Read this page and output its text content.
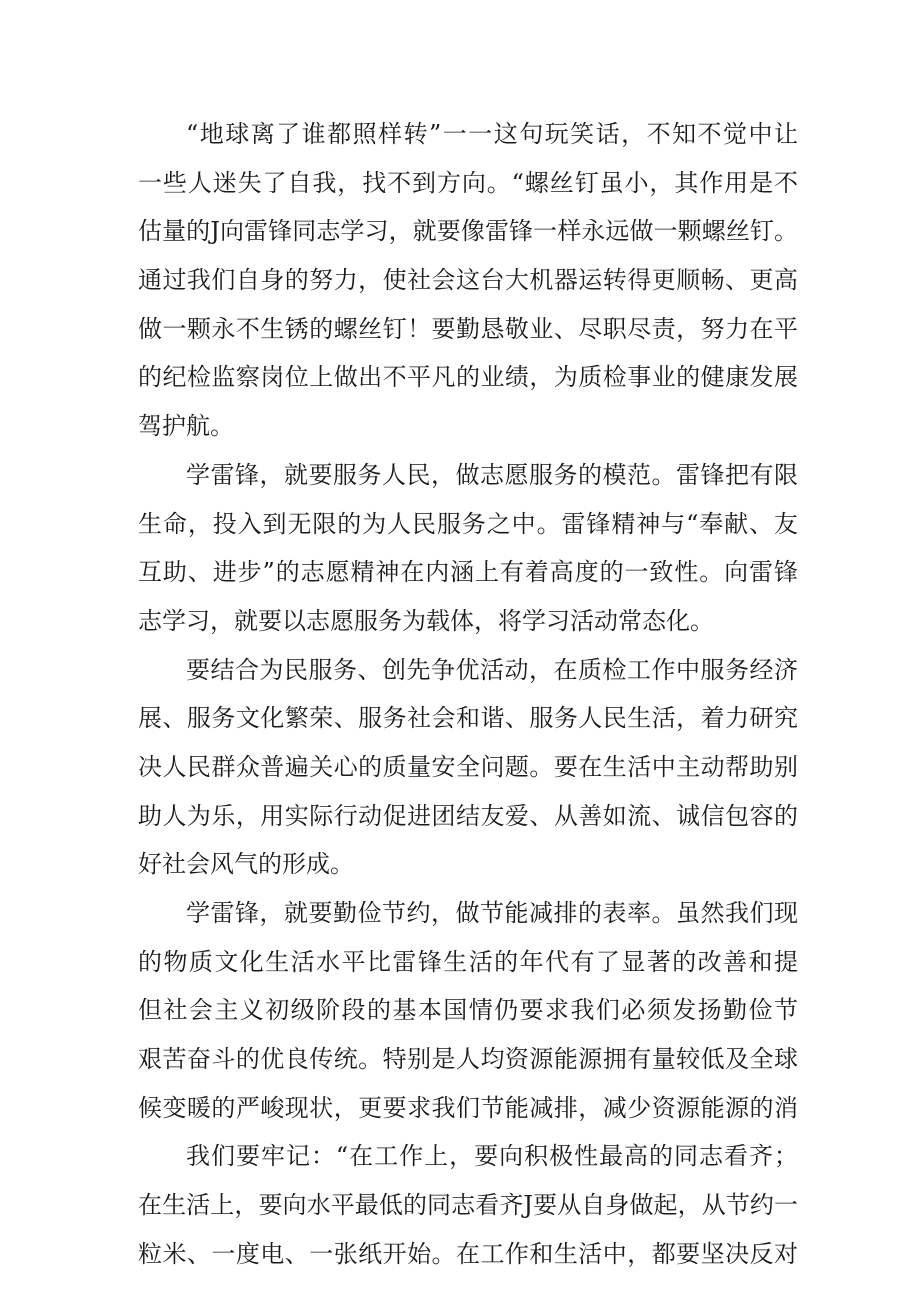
“地球离了谁都照样转”一一这句玩笑话，不知不觉中让
一些人迷失了自我，找不到方向。“螺丝钉虽小，其作用是不
估量的J向雷锋同志学习，就要像雷锋一样永远做一颗螺丝钉。
通过我们自身的努力，使社会这台大机器运转得更顺畅、更高
做一颗永不生锈的螺丝钉！要勤恳敬业、尽职尽责，努力在平
的纪检监察岗位上做出不平凡的业绩，为质检事业的健康发展
驾护航。
学雷锋，就要服务人民，做志愿服务的模范。雷锋把有限
生命，投入到无限的为人民服务之中。雷锋精神与“奉献、友
互助、进步”的志愿精神在内涵上有着高度的一致性。向雷锋
志学习，就要以志愿服务为载体，将学习活动常态化。
要结合为民服务、创先争优活动，在质检工作中服务经济
展、服务文化繁荣、服务社会和谐、服务人民生活，着力研究
决人民群众普遍关心的质量安全问题。要在生活中主动帮助别
助人为乐，用实际行动促进团结友爱、从善如流、诚信包容的
好社会风气的形成。
学雷锋，就要勤俭节约，做节能减排的表率。虽然我们现
的物质文化生活水平比雷锋生活的年代有了显著的改善和提
但社会主义初级阶段的基本国情仍要求我们必须发扬勤俭节
艰苦奋斗的优良传统。特别是人均资源能源拥有量较低及全球
候变暖的严峻现状，更要求我们节能减排，减少资源能源的消
我们要牢记：“在工作上，要向积极性最高的同志看齐；
在生活上，要向水平最低的同志看齐J要从自身做起，从节约一
粒米、一度电、一张纸开始。在工作和生活中，都要坚决反对
